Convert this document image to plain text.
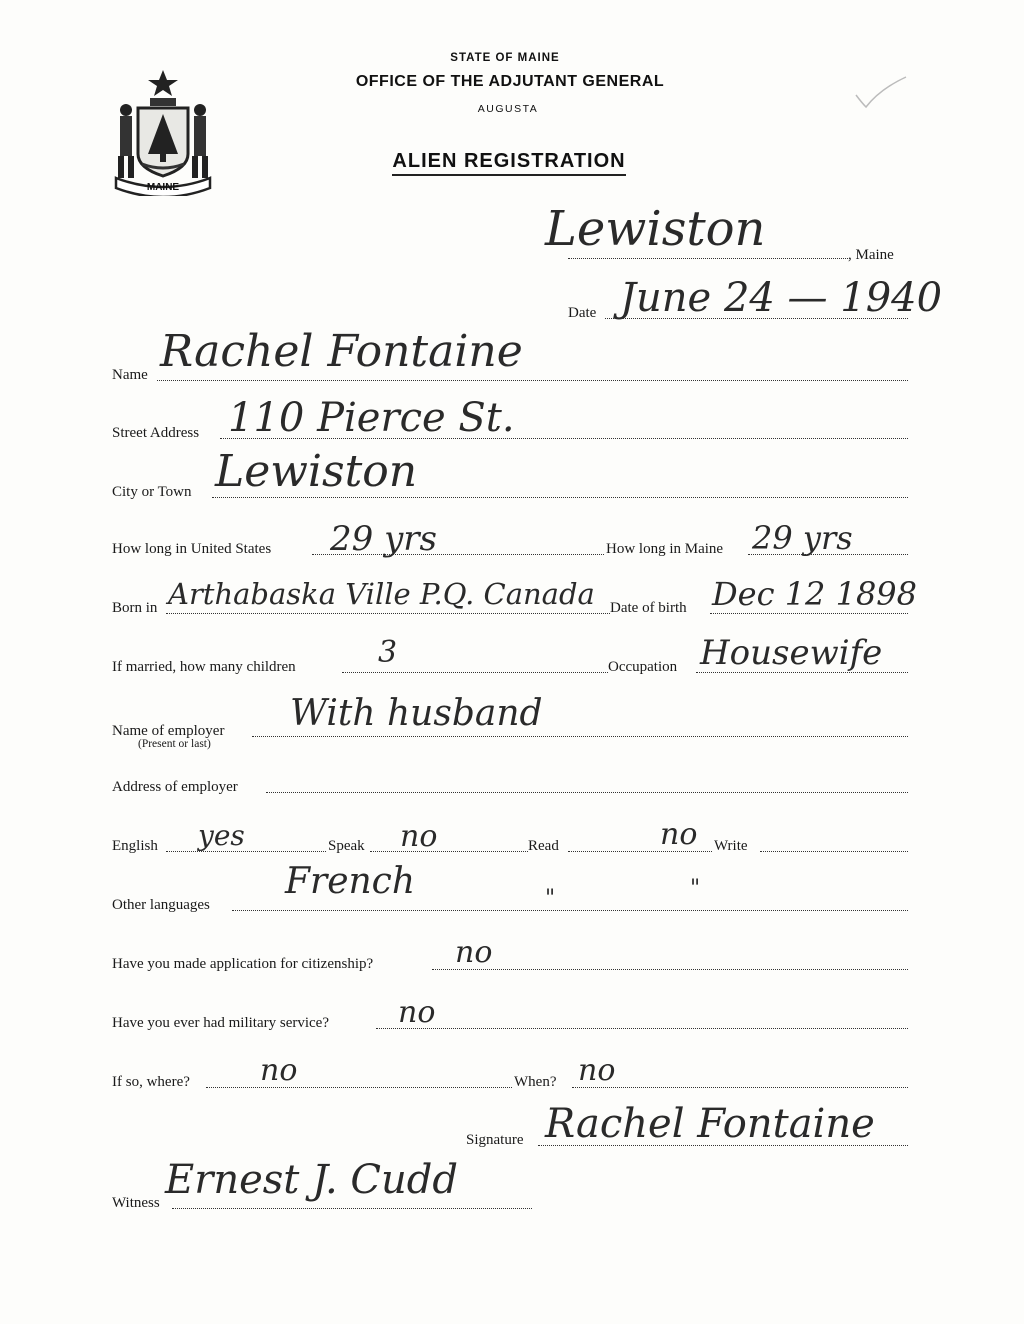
MAINE
STATE OF MAINE
OFFICE OF THE ADJUTANT GENERAL
AUGUSTA
ALIEN REGISTRATION
Lewiston	, Maine
Date June 24 — 1940
Name Rachel Fontaine
Street Address 110 Pierce St.
City or Town Lewiston
How long in United States 29 yrs	How long in Maine 29 yrs
Born in Arthabaska Ville P.Q. Canada Date of birth Dec 12 1898
If married, how many children	3	Occupation Housewife
Name of employer
(Present or last)
With husband
Address of employer
English yes	Speak no	Read	no Write
Other languages
French	"	"
Have you made application for citizenship?	no
Have you ever had military service? no
If so, where? no	When? no
Signature Rachel Fontaine
Witness Ernest J. Cudd
